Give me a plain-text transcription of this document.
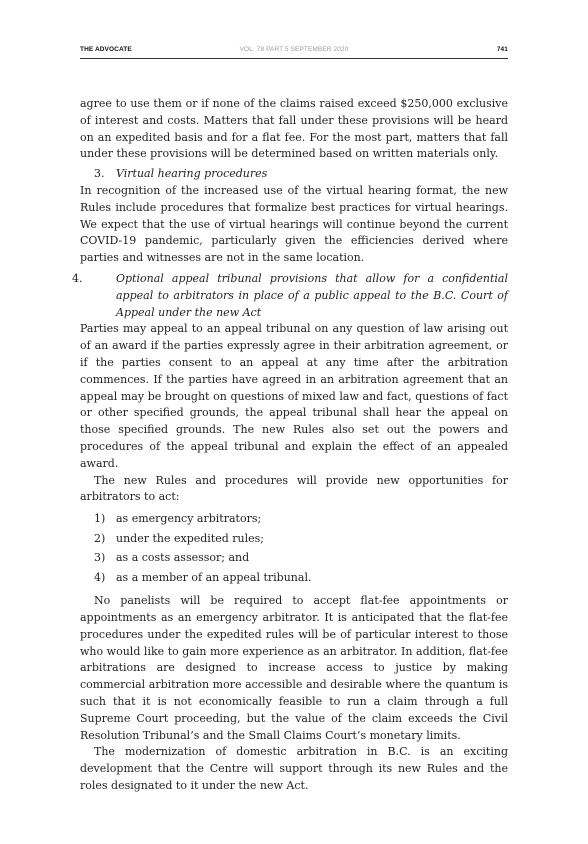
THE ADVOCATE	VOL. 78 PART 5 SEPTEMBER 2020	741

agree to use them or if none of the claims raised exceed $250,000 exclusive of interest and costs. Matters that fall under these provisions will be heard on an expedited basis and for a flat fee. For the most part, matters that fall under these provisions will be determined based on written materials only.

3. Virtual hearing procedures

In recognition of the increased use of the virtual hearing format, the new Rules include procedures that formalize best practices for virtual hearings. We expect that the use of virtual hearings will continue beyond the current COVID-19 pandemic, particularly given the efficiencies derived where parties and witnesses are not in the same location.

4.	Optional appeal tribunal provisions that allow for a confidential appeal to arbitrators in place of a public appeal to the B.C. Court of Appeal under the new Act

Parties may appeal to an appeal tribunal on any question of law arising out of an award if the parties expressly agree in their arbitration agreement, or if the parties consent to an appeal at any time after the arbitration commences. If the parties have agreed in an arbitration agreement that an appeal may be brought on questions of mixed law and fact, questions of fact or other specified grounds, the appeal tribunal shall hear the appeal on those specified grounds. The new Rules also set out the powers and procedures of the appeal tribunal and explain the effect of an appealed award.

The new Rules and procedures will provide new opportunities for arbitrators to act:

1) as emergency arbitrators;
2) under the expedited rules;
3) as a costs assessor; and
4) as a member of an appeal tribunal.

No panelists will be required to accept flat-fee appointments or appointments as an emergency arbitrator. It is anticipated that the flat-fee procedures under the expedited rules will be of particular interest to those who would like to gain more experience as an arbitrator. In addition, flat-fee arbitrations are designed to increase access to justice by making commercial arbitration more accessible and desirable where the quantum is such that it is not economically feasible to run a claim through a full Supreme Court proceeding, but the value of the claim exceeds the Civil Resolution Tribunal’s and the Small Claims Court’s monetary limits.

The modernization of domestic arbitration in B.C. is an exciting development that the Centre will support through its new Rules and the roles designated to it under the new Act.
